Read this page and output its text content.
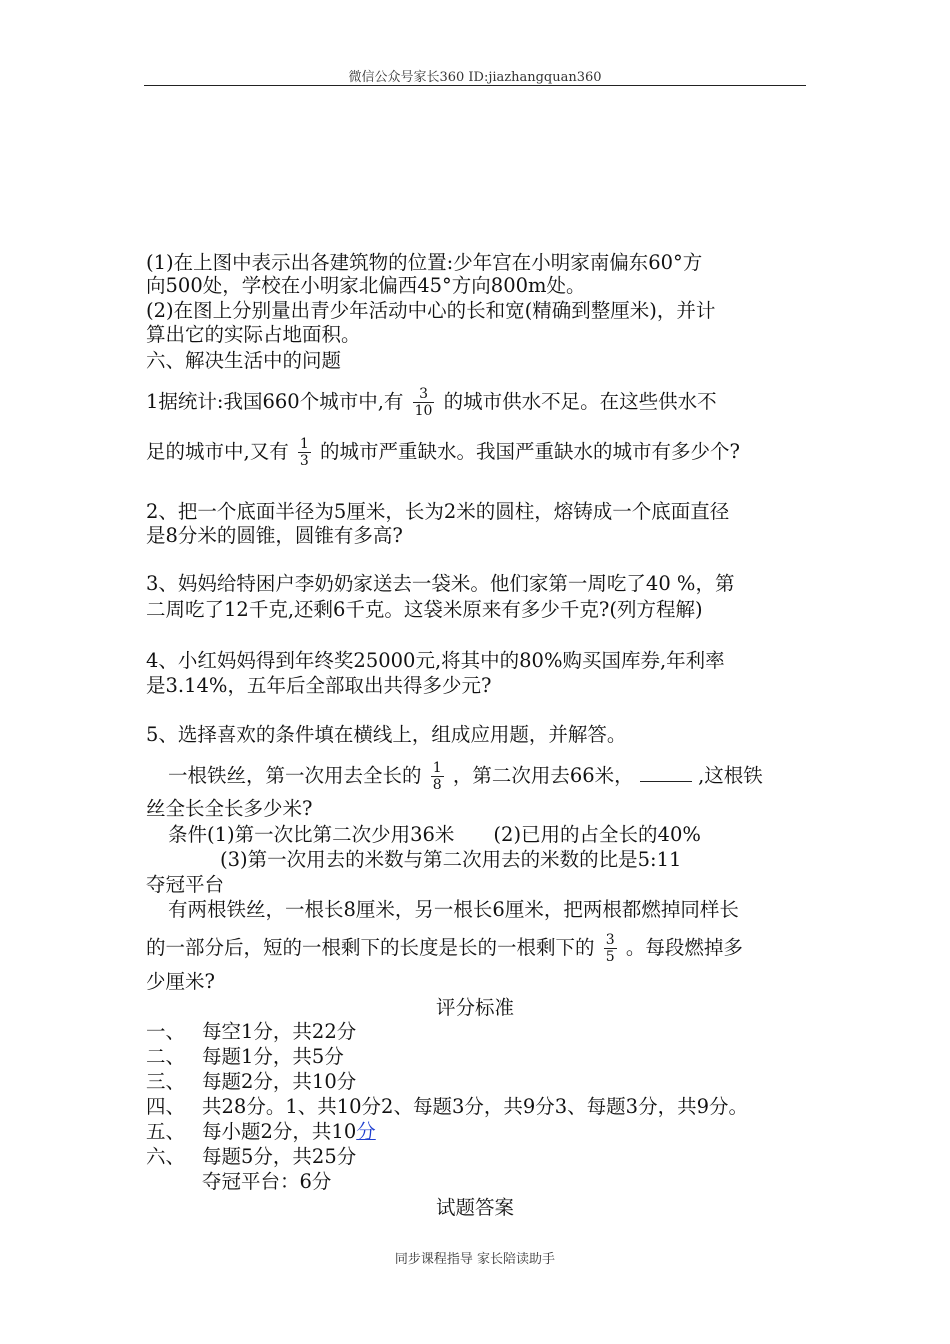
微信公众号家长360 ID:jiazhangquan360
(1)在上图中表示出各建筑物的位置:少年宫在小明家南偏东60°方
向500处，学校在小明家北偏西45°方向800m处。
(2)在图上分别量出青少年活动中心的长和宽(精确到整厘米)，并计
算出它的实际占地面积。
六、解决生活中的问题
1据统计:我国660个城市中,有 $\frac{3}{10}$ 的城市供水不足。在这些供水不
足的城市中,又有 $\frac{1}{3}$ 的城市严重缺水。我国严重缺水的城市有多少个?
2、把一个底面半径为5厘米，长为2米的圆柱，熔铸成一个底面直径
是8分米的圆锥，圆锥有多高?
3、妈妈给特困户李奶奶家送去一袋米。他们家第一周吃了40 %，第
二周吃了12千克,还剩6千克。这袋米原来有多少千克?(列方程解)
4、小红妈妈得到年终奖25000元,将其中的80%购买国库券,年利率
是3.14%，五年后全部取出共得多少元?
5、选择喜欢的条件填在横线上，组成应用题，并解答。
一根铁丝，第一次用去全长的 $\frac{1}{8}$ ，第二次用去66米，	,这根铁
丝全长全长多少米?
条件(1)第一次比第二次少用36米　　(2)已用的占全长的40%
(3)第一次用去的米数与第二次用去的米数的比是5:11
夺冠平台
有两根铁丝，一根长8厘米，另一根长6厘米，把两根都燃掉同样长
的一部分后，短的一根剩下的长度是长的一根剩下的 $\frac{3}{5}$ 。每段燃掉多
少厘米?
评分标准
一、 每空1分，共22分
二、 每题1分，共5分
三、 每题2分，共10分
四、 共28分。1、共10分2、每题3分，共9分3、每题3分，共9分。
五、 每小题2分，共10分
六、 每题5分，共25分
夺冠平台：6分
试题答案
同步课程指导 家长陪读助手
